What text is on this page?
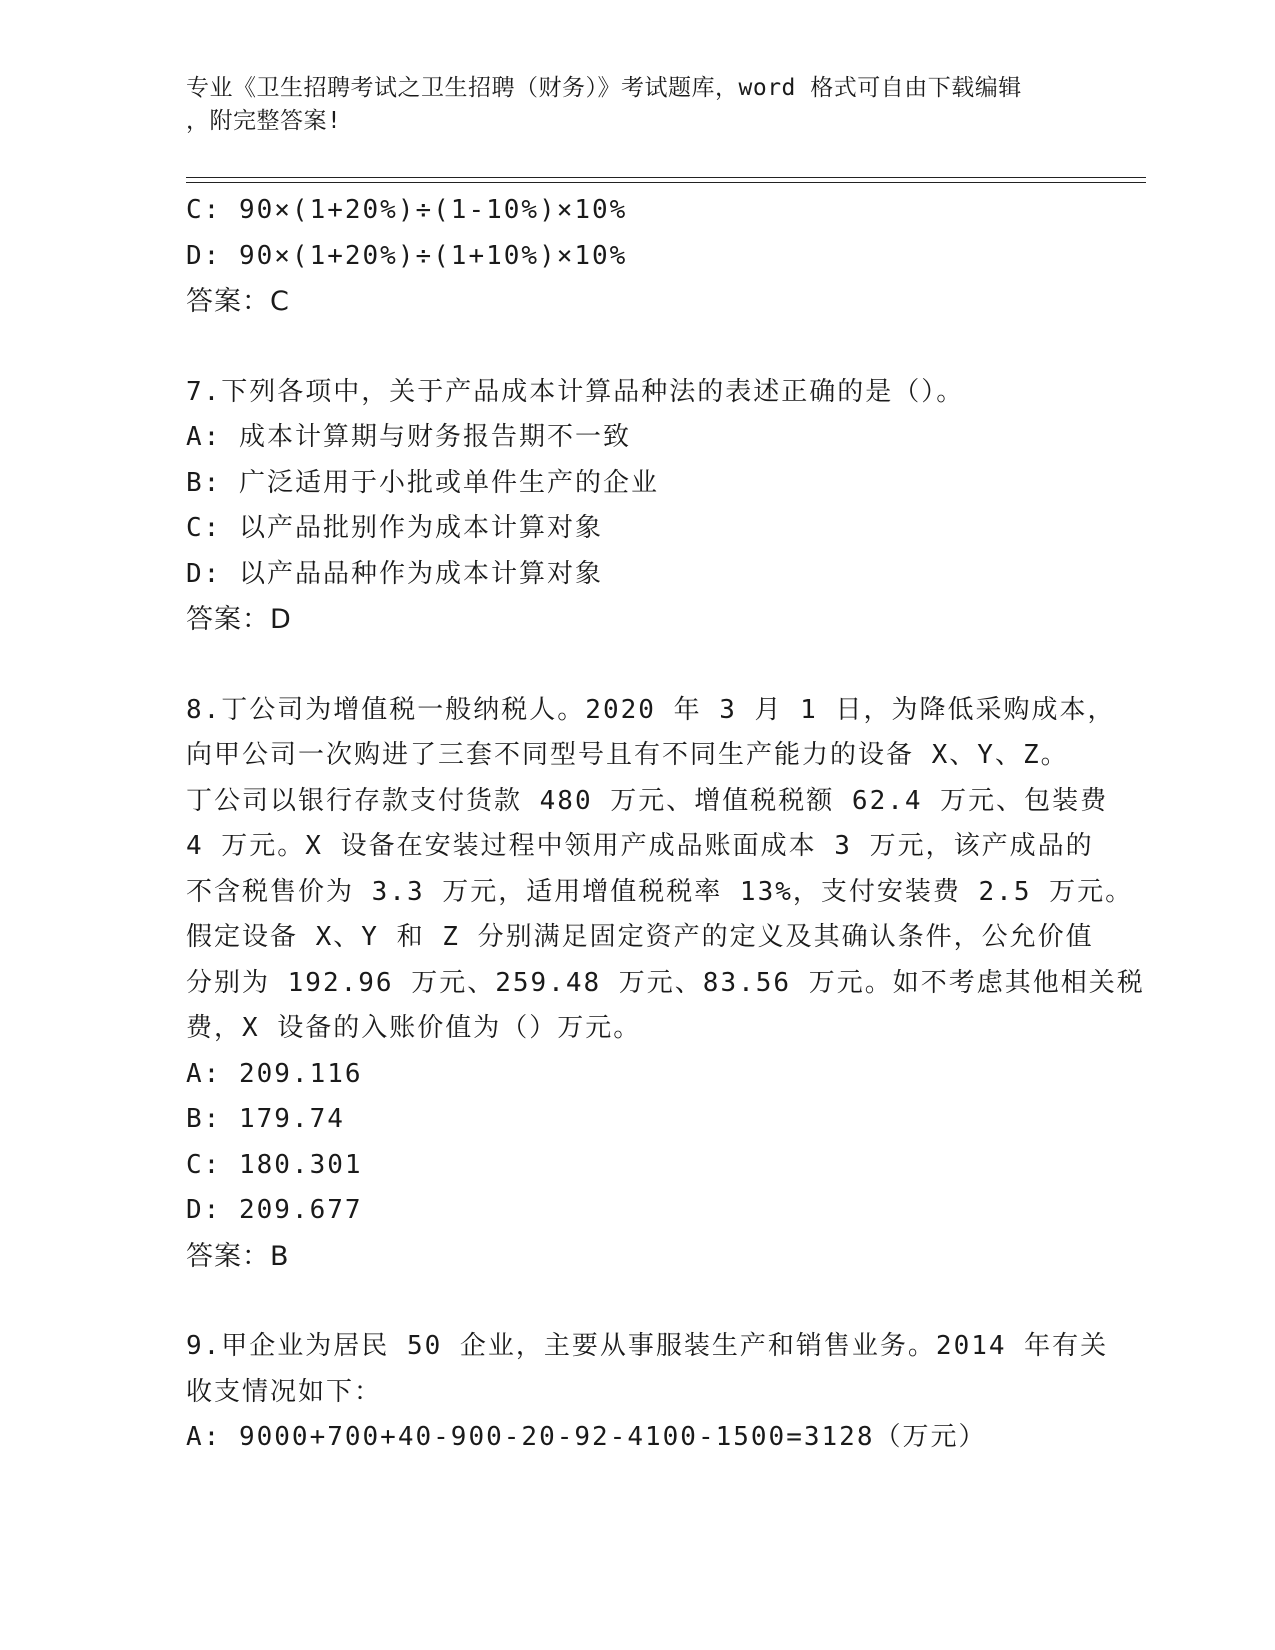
专业《卫生招聘考试之卫生招聘（财务）》考试题库，word 格式可自由下载编辑
，附完整答案!
C: 90×(1+20%)÷(1-10%)×10%
D: 90×(1+20%)÷(1+10%)×10%
答案：C
7.下列各项中，关于产品成本计算品种法的表述正确的是（）。
A: 成本计算期与财务报告期不一致
B: 广泛适用于小批或单件生产的企业
C: 以产品批别作为成本计算对象
D: 以产品品种作为成本计算对象
答案：D
8.丁公司为增值税一般纳税人。2020 年 3 月 1 日，为降低采购成本，
向甲公司一次购进了三套不同型号且有不同生产能力的设备 X、Y、Z。
丁公司以银行存款支付货款 480 万元、增值税税额 62.4 万元、包装费
4 万元。X 设备在安装过程中领用产成品账面成本 3 万元，该产成品的
不含税售价为 3.3 万元，适用增值税税率 13%，支付安装费 2.5 万元。
假定设备 X、Y 和 Z 分别满足固定资产的定义及其确认条件，公允价值
分别为 192.96 万元、259.48 万元、83.56 万元。如不考虑其他相关税
费，X 设备的入账价值为（）万元。
A: 209.116
B: 179.74
C: 180.301
D: 209.677
答案：B
9.甲企业为居民 50 企业，主要从事服装生产和销售业务。2014 年有关
收支情况如下：
A: 9000+700+40-900-20-92-4100-1500=3128（万元）
